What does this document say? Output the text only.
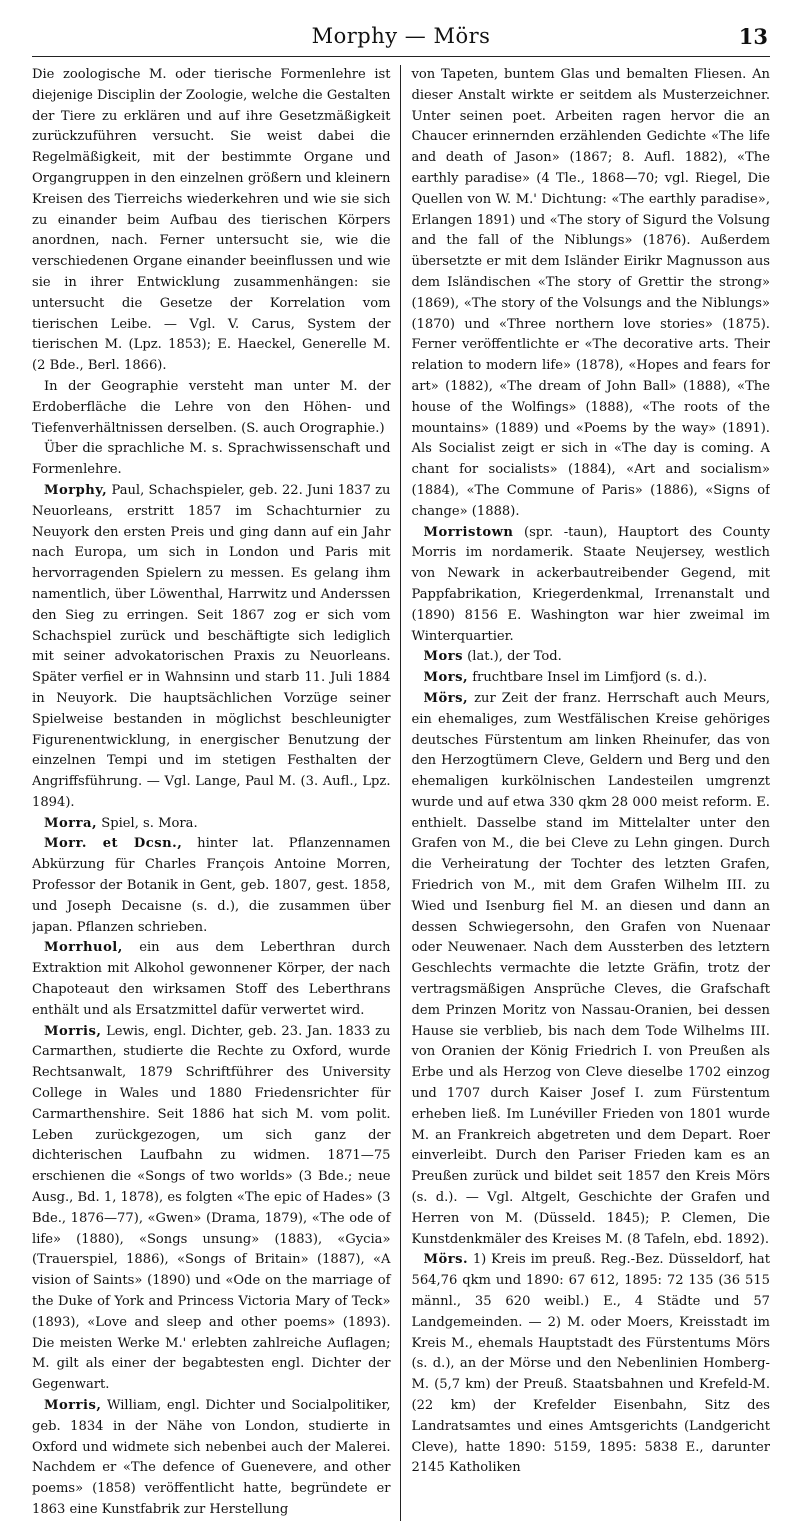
Morphy — Mörs	13

Die zoologische M. oder tierische Formenlehre ist diejenige Disciplin der Zoologie, welche die Gestalten der Tiere zu erklären und auf ihre Gesetzmäßigkeit zurückzuführen versucht. Sie weist dabei die Regelmäßigkeit, mit der bestimmte Organe und Organgruppen in den einzelnen größern und kleinern Kreisen des Tierreichs wiederkehren und wie sie sich zu einander beim Aufbau des tierischen Körpers anordnen, nach. Ferner untersucht sie, wie die verschiedenen Organe einander beeinflussen und wie sie in ihrer Entwicklung zusammenhängen: sie untersucht die Gesetze der Korrelation vom tierischen Leibe. — Vgl. V. Carus, System der tierischen M. (Lpz. 1853); E. Haeckel, Generelle M. (2 Bde., Berl. 1866).

In der Geographie versteht man unter M. der Erdoberfläche die Lehre von den Höhen- und Tiefenverhältnissen derselben. (S. auch Orographie.)

Über die sprachliche M. s. Sprachwissenschaft und Formenlehre.

Morphy, Paul, Schachspieler, geb. 22. Juni 1837 zu Neuorleans, erstritt 1857 im Schachturnier zu Neuyork den ersten Preis und ging dann auf ein Jahr nach Europa, um sich in London und Paris mit hervorragenden Spielern zu messen. Es gelang ihm namentlich, über Löwenthal, Harrwitz und Anderssen den Sieg zu erringen. Seit 1867 zog er sich vom Schachspiel zurück und beschäftigte sich lediglich mit seiner advokatorischen Praxis zu Neuorleans. Später verfiel er in Wahnsinn und starb 11. Juli 1884 in Neuyork. Die hauptsächlichen Vorzüge seiner Spielweise bestanden in möglichst beschleunigter Figurenentwicklung, in energischer Benutzung der einzelnen Tempi und im stetigen Festhalten der Angriffsführung. — Vgl. Lange, Paul M. (3. Aufl., Lpz. 1894).

Morra, Spiel, s. Mora.

Morr. et Dcsn., hinter lat. Pflanzennamen Abkürzung für Charles François Antoine Morren, Professor der Botanik in Gent, geb. 1807, gest. 1858, und Joseph Decaisne (s. d.), die zusammen über japan. Pflanzen schrieben.

Morrhuol, ein aus dem Leberthran durch Extraktion mit Alkohol gewonnener Körper, der nach Chapoteaut den wirksamen Stoff des Leberthrans enthält und als Ersatzmittel dafür verwertet wird.

Morris, Lewis, engl. Dichter, geb. 23. Jan. 1833 zu Carmarthen, studierte die Rechte zu Oxford, wurde Rechtsanwalt, 1879 Schriftführer des University College in Wales und 1880 Friedensrichter für Carmarthenshire. Seit 1886 hat sich M. vom polit. Leben zurückgezogen, um sich ganz der dichterischen Laufbahn zu widmen. 1871—75 erschienen die «Songs of two worlds» (3 Bde.; neue Ausg., Bd. 1, 1878), es folgten «The epic of Hades» (3 Bde., 1876—77), «Gwen» (Drama, 1879), «The ode of life» (1880), «Songs unsung» (1883), «Gycia» (Trauerspiel, 1886), «Songs of Britain» (1887), «A vision of Saints» (1890) und «Ode on the marriage of the Duke of York and Princess Victoria Mary of Teck» (1893), «Love and sleep and other poems» (1893). Die meisten Werke M.' erlebten zahlreiche Auflagen; M. gilt als einer der begabtesten engl. Dichter der Gegenwart.

Morris, William, engl. Dichter und Socialpolitiker, geb. 1834 in der Nähe von London, studierte in Oxford und widmete sich nebenbei auch der Malerei. Nachdem er «The defence of Guenevere, and other poems» (1858) veröffentlicht hatte, begründete er 1863 eine Kunstfabrik zur Herstellung

von Tapeten, buntem Glas und bemalten Fliesen. An dieser Anstalt wirkte er seitdem als Musterzeichner. Unter seinen poet. Arbeiten ragen hervor die an Chaucer erinnernden erzählenden Gedichte «The life and death of Jason» (1867; 8. Aufl. 1882), «The earthly paradise» (4 Tle., 1868—70; vgl. Riegel, Die Quellen von W. M.' Dichtung: «The earthly paradise», Erlangen 1891) und «The story of Sigurd the Volsung and the fall of the Niblungs» (1876). Außerdem übersetzte er mit dem Isländer Eirikr Magnusson aus dem Isländischen «The story of Grettir the strong» (1869), «The story of the Volsungs and the Niblungs» (1870) und «Three northern love stories» (1875). Ferner veröffentlichte er «The decorative arts. Their relation to modern life» (1878), «Hopes and fears for art» (1882), «The dream of John Ball» (1888), «The house of the Wolfings» (1888), «The roots of the mountains» (1889) und «Poems by the way» (1891). Als Socialist zeigt er sich in «The day is coming. A chant for socialists» (1884), «Art and socialism» (1884), «The Commune of Paris» (1886), «Signs of change» (1888).

Morristown (spr. -taun), Hauptort des County Morris im nordamerik. Staate Neujersey, westlich von Newark in ackerbautreibender Gegend, mit Pappfabrikation, Kriegerdenkmal, Irrenanstalt und (1890) 8156 E. Washington war hier zweimal im Winterquartier.

Mors (lat.), der Tod.

Mors, fruchtbare Insel im Limfjord (s. d.).

Mörs, zur Zeit der franz. Herrschaft auch Meurs, ein ehemaliges, zum Westfälischen Kreise gehöriges deutsches Fürstentum am linken Rheinufer, das von den Herzogtümern Cleve, Geldern und Berg und den ehemaligen kurkölnischen Landesteilen umgrenzt wurde und auf etwa 330 qkm 28 000 meist reform. E. enthielt. Dasselbe stand im Mittelalter unter den Grafen von M., die bei Cleve zu Lehn gingen. Durch die Verheiratung der Tochter des letzten Grafen, Friedrich von M., mit dem Grafen Wilhelm III. zu Wied und Isenburg fiel M. an diesen und dann an dessen Schwiegersohn, den Grafen von Nuenaar oder Neuwenaer. Nach dem Aussterben des letztern Geschlechts vermachte die letzte Gräfin, trotz der vertragsmäßigen Ansprüche Cleves, die Grafschaft dem Prinzen Moritz von Nassau-Oranien, bei dessen Hause sie verblieb, bis nach dem Tode Wilhelms III. von Oranien der König Friedrich I. von Preußen als Erbe und als Herzog von Cleve dieselbe 1702 einzog und 1707 durch Kaiser Josef I. zum Fürstentum erheben ließ. Im Lunéviller Frieden von 1801 wurde M. an Frankreich abgetreten und dem Depart. Roer einverleibt. Durch den Pariser Frieden kam es an Preußen zurück und bildet seit 1857 den Kreis Mörs (s. d.). — Vgl. Altgelt, Geschichte der Grafen und Herren von M. (Düsseld. 1845); P. Clemen, Die Kunstdenkmäler des Kreises M. (8 Tafeln, ebd. 1892).

Mörs. 1) Kreis im preuß. Reg.-Bez. Düsseldorf, hat 564,76 qkm und 1890: 67 612, 1895: 72 135 (36 515 männl., 35 620 weibl.) E., 4 Städte und 57 Landgemeinden. — 2) M. oder Moers, Kreisstadt im Kreis M., ehemals Hauptstadt des Fürstentums Mörs (s. d.), an der Mörse und den Nebenlinien Homberg-M. (5,7 km) der Preuß. Staatsbahnen und Krefeld-M. (22 km) der Krefelder Eisenbahn, Sitz des Landratsamtes und eines Amtsgerichts (Landgericht Cleve), hatte 1890: 5159, 1895: 5838 E., darunter 2145 Katholiken
